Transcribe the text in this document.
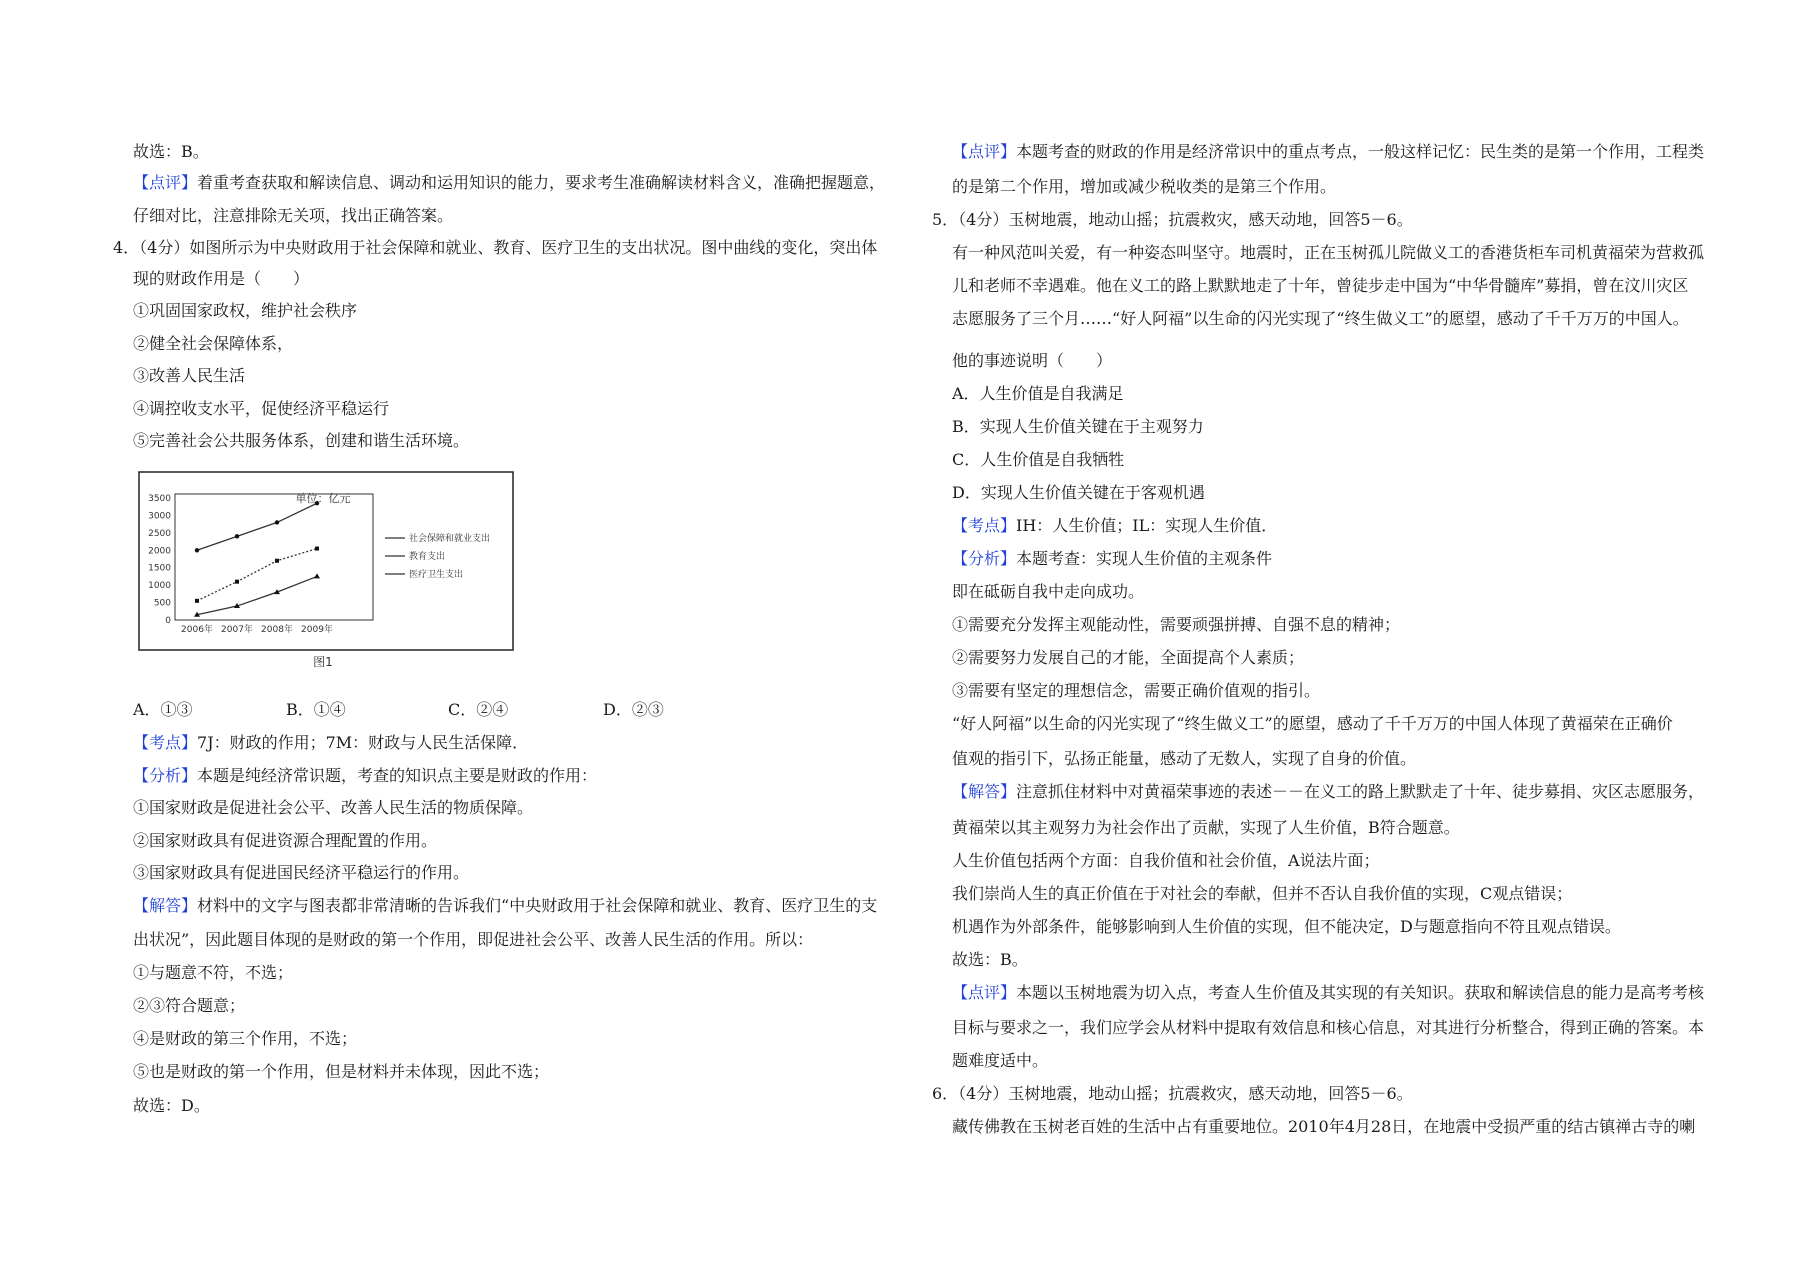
故选：B。
【点评】着重考查获取和解读信息、调动和运用知识的能力，要求考生准确解读材料含义，准确把握题意，
仔细对比，注意排除无关项，找出正确答案。
4．（4分）如图所示为中央财政用于社会保障和就业、教育、医疗卫生的支出状况。图中曲线的变化，突出体
现的财政作用是（　　）
①巩固国家政权，维护社会秩序
②健全社会保障体系，
③改善人民生活
④调控收支水平，促使经济平稳运行
⑤完善社会公共服务体系，创建和谐生活环境。
0
500
1000
1500
2000
2500
3000
3500
2006年 2007年 2008年 2009年
社会保障和就业支出
教育支出
医疗卫生支出
单位：亿元
图1
A．①③	B．①④	C．②④	D．②③
【考点】7J：财政的作用；7M：财政与人民生活保障．
【分析】本题是纯经济常识题，考查的知识点主要是财政的作用：
①国家财政是促进社会公平、改善人民生活的物质保障。
②国家财政具有促进资源合理配置的作用。
③国家财政具有促进国民经济平稳运行的作用。
【解答】材料中的文字与图表都非常清晰的告诉我们“中央财政用于社会保障和就业、教育、医疗卫生的支
出状况”，因此题目体现的是财政的第一个作用，即促进社会公平、改善人民生活的作用。所以：
①与题意不符，不选；
②③符合题意；
④是财政的第三个作用，不选；
⑤也是财政的第一个作用，但是材料并未体现，因此不选；
故选：D。
【点评】本题考查的财政的作用是经济常识中的重点考点，一般这样记忆：民生类的是第一个作用，工程类
的是第二个作用，增加或减少税收类的是第三个作用。
5．（4分）玉树地震，地动山摇；抗震救灾，感天动地，回答5－6。
有一种风范叫关爱，有一种姿态叫坚守。地震时，正在玉树孤儿院做义工的香港货柜车司机黄福荣为营救孤
儿和老师不幸遇难。他在义工的路上默默地走了十年，曾徒步走中国为“中华骨髓库”募捐，曾在汶川灾区
志愿服务了三个月……“好人阿福”以生命的闪光实现了“终生做义工”的愿望，感动了千千万万的中国人。
他的事迹说明（　　）
A．人生价值是自我满足
B．实现人生价值关键在于主观努力
C．人生价值是自我牺牲
D．实现人生价值关键在于客观机遇
【考点】IH：人生价值；IL：实现人生价值．
【分析】本题考查：实现人生价值的主观条件
即在砥砺自我中走向成功。
①需要充分发挥主观能动性，需要顽强拼搏、自强不息的精神；
②需要努力发展自己的才能，全面提高个人素质；
③需要有坚定的理想信念，需要正确价值观的指引。
“好人阿福”以生命的闪光实现了“终生做义工”的愿望，感动了千千万万的中国人体现了黄福荣在正确价
值观的指引下，弘扬正能量，感动了无数人，实现了自身的价值。
【解答】注意抓住材料中对黄福荣事迹的表述－－在义工的路上默默走了十年、徒步募捐、灾区志愿服务，
黄福荣以其主观努力为社会作出了贡献，实现了人生价值，B符合题意。
人生价值包括两个方面：自我价值和社会价值，A说法片面；
我们崇尚人生的真正价值在于对社会的奉献，但并不否认自我价值的实现，C观点错误；
机遇作为外部条件，能够影响到人生价值的实现，但不能决定，D与题意指向不符且观点错误。
故选：B。
【点评】本题以玉树地震为切入点，考查人生价值及其实现的有关知识。获取和解读信息的能力是高考考核
目标与要求之一，我们应学会从材料中提取有效信息和核心信息，对其进行分析整合，得到正确的答案。本
题难度适中。
6．（4分）玉树地震，地动山摇；抗震救灾，感天动地，回答5－6。
藏传佛教在玉树老百姓的生活中占有重要地位。2010年4月28日，在地震中受损严重的结古镇禅古寺的喇
